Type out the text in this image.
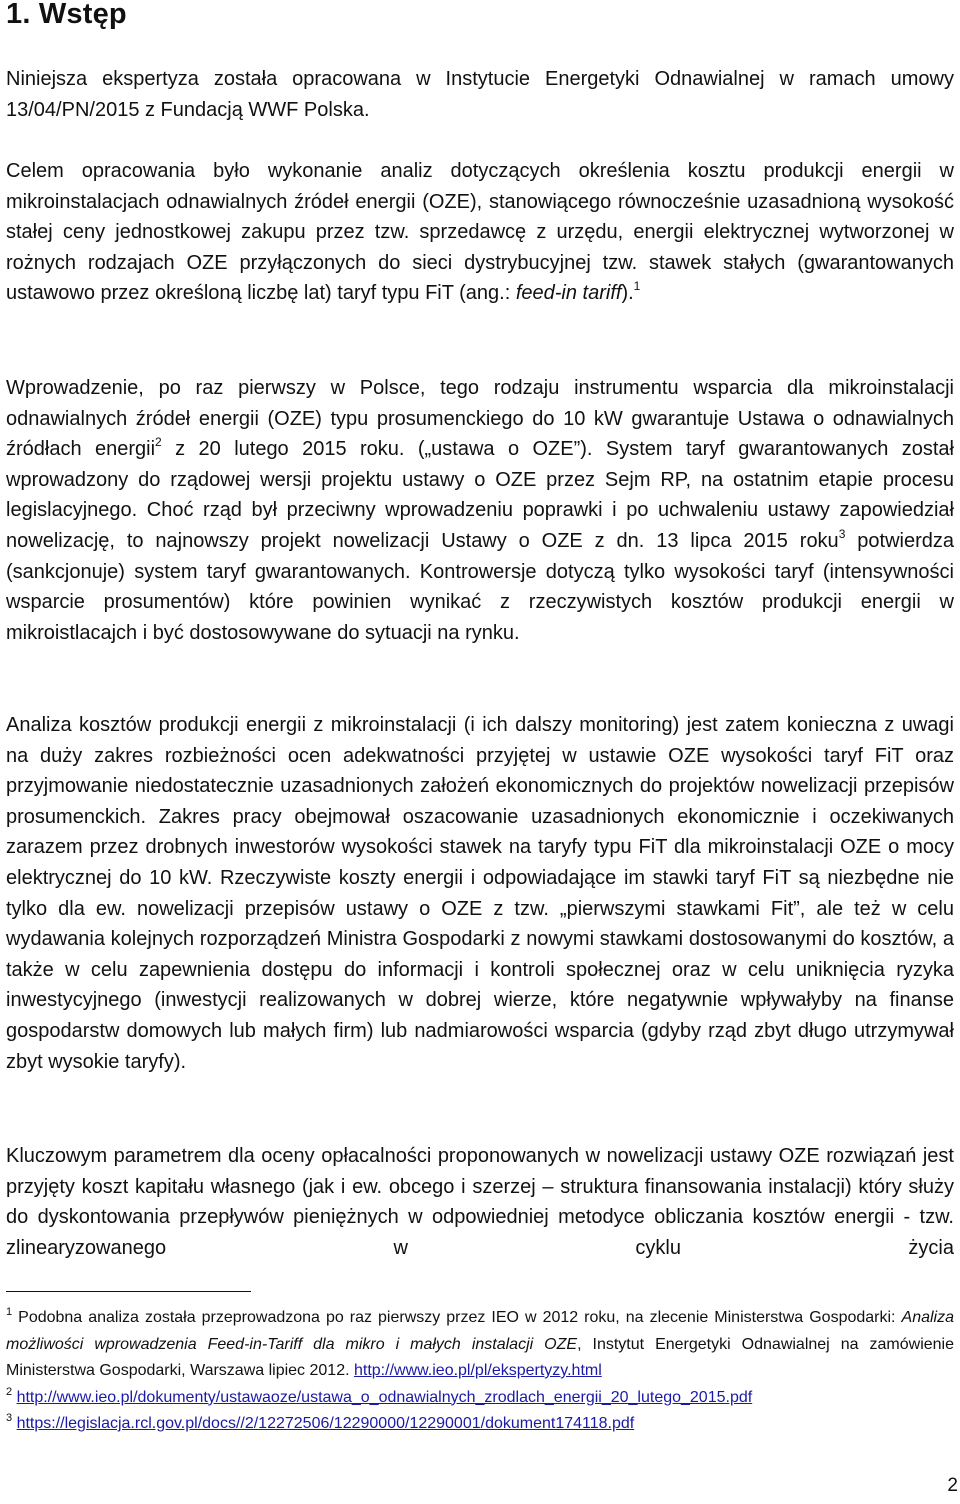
1. Wstęp

Niniejsza ekspertyza została opracowana w Instytucie Energetyki Odnawialnej w ramach umowy 13/04/PN/2015 z Fundacją WWF Polska.

Celem opracowania było wykonanie analiz dotyczących określenia kosztu produkcji energii w mikroinstalacjach odnawialnych źródeł energii (OZE), stanowiącego równocześnie uzasadnioną wysokość stałej ceny jednostkowej zakupu przez tzw. sprzedawcę z urzędu, energii elektrycznej wytworzonej w rożnych rodzajach OZE przyłączonych do sieci dystrybucyjnej tzw. stawek stałych (gwarantowanych ustawowo przez określoną liczbę lat) taryf typu FiT (ang.: feed-in tariff).$^1$

Wprowadzenie, po raz pierwszy w Polsce, tego rodzaju instrumentu wsparcia dla mikroinstalacji odnawialnych źródeł energii (OZE) typu prosumenckiego do 10 kW gwarantuje Ustawa o odnawialnych źródłach energii$^2$ z 20 lutego 2015 roku. („ustawa o OZE”). System taryf gwarantowanych został wprowadzony do rządowej wersji projektu ustawy o OZE przez Sejm RP, na ostatnim etapie procesu legislacyjnego. Choć rząd był przeciwny wprowadzeniu poprawki i po uchwaleniu ustawy zapowiedział nowelizację, to najnowszy projekt nowelizacji Ustawy o OZE z dn. 13 lipca 2015 roku$^3$ potwierdza (sankcjonuje) system taryf gwarantowanych. Kontrowersje dotyczą tylko wysokości taryf (intensywności wsparcie prosumentów) które powinien wynikać z rzeczywistych kosztów produkcji energii w mikroistlacajch i być dostosowywane do sytuacji na rynku.

Analiza kosztów produkcji energii z mikroinstalacji (i ich dalszy monitoring) jest zatem konieczna z uwagi na duży zakres rozbieżności ocen adekwatności przyjętej w ustawie OZE wysokości taryf FiT oraz przyjmowanie niedostatecznie uzasadnionych założeń ekonomicznych do projektów nowelizacji przepisów prosumenckich. Zakres pracy obejmował oszacowanie uzasadnionych ekonomicznie i oczekiwanych zarazem przez drobnych inwestorów wysokości stawek na taryfy typu FiT dla mikroinstalacji OZE o mocy elektrycznej do 10 kW. Rzeczywiste koszty energii i odpowiadające im stawki taryf FiT są niezbędne nie tylko dla ew. nowelizacji przepisów ustawy o OZE z tzw. „pierwszymi stawkami Fit”, ale też w celu wydawania kolejnych rozporządzeń Ministra Gospodarki z nowymi stawkami dostosowanymi do kosztów, a także w celu zapewnienia dostępu do informacji i kontroli społecznej oraz w celu uniknięcia ryzyka inwestycyjnego (inwestycji realizowanych w dobrej wierze, które negatywnie wpływałyby na finanse gospodarstw domowych lub małych firm) lub nadmiarowości wsparcia (gdyby rząd zbyt długo utrzymywał zbyt wysokie taryfy).

Kluczowym parametrem dla oceny opłacalności proponowanych w nowelizacji ustawy OZE rozwiązań jest przyjęty koszt kapitału własnego (jak i ew. obcego i szerzej – struktura finansowania instalacji) który służy do dyskontowania przepływów pieniężnych w odpowiedniej metodyce obliczania kosztów energii - tzw. zlinearyzowanego w cyklu życia

$^1$ Podobna analiza została przeprowadzona po raz pierwszy przez IEO w 2012 roku, na zlecenie Ministerstwa Gospodarki: Analiza możliwości wprowadzenia Feed-in-Tariff dla mikro i małych instalacji OZE, Instytut Energetyki Odnawialnej na zamówienie Ministerstwa Gospodarki, Warszawa lipiec 2012. http://www.ieo.pl/pl/ekspertyzy.html

$^2$ http://www.ieo.pl/dokumenty/ustawaoze/ustawa_o_odnawialnych_zrodlach_energii_20_lutego_2015.pdf

$^3$ https://legislacja.rcl.gov.pl/docs//2/12272506/12290000/12290001/dokument174118.pdf

2
